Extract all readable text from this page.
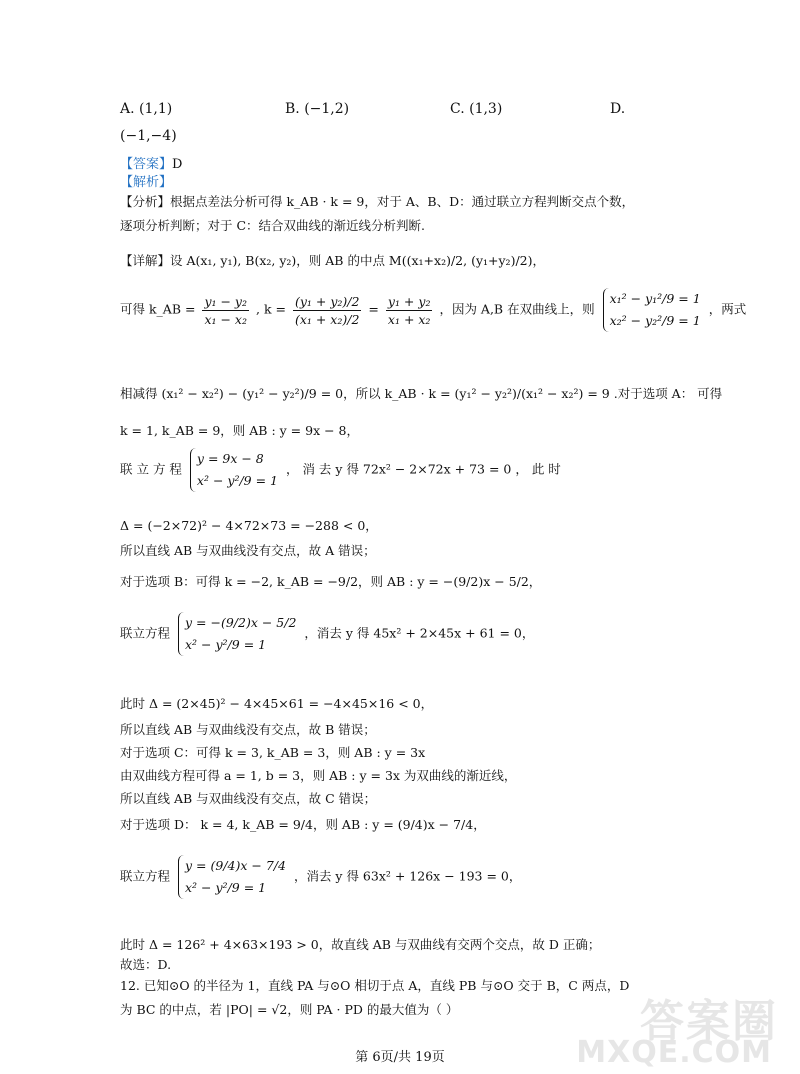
A. (1,1)	B. (−1,2)	C. (1,3)	D.
(−1,−4)
【答案】D
【解析】
【分析】根据点差法分析可得 k_AB · k = 9，对于 A、B、D：通过联立方程判断交点个数，
逐项分析判断；对于 C：结合双曲线的渐近线分析判断.
【详解】设 A(x₁, y₁), B(x₂, y₂)，则 AB 的中点 M((x₁+x₂)/2, (y₁+y₂)/2)，
可得 k_AB = $\frac{\text{y₁ − y₂}}{\text{x₁ − x₂}}$ , $k = \frac{\text{(y₁ + y₂)/2}}{\text{(x₁ + x₂)/2}} = \frac{\text{y₁ + y₂}}{\text{x₁ + x₂}}$ ，因为 A,B 在双曲线上，则
x₁² − y₁²/9 = 1
x₂² − y₂²/9 = 1
，两式
相减得 (x₁² − x₂²) − (y₁² − y₂²)/9 = 0，所以 k_AB · k = (y₁² − y₂²)/(x₁² − x₂²) = 9 .对于选项 A： 可得
k = 1, k_AB = 9，则 AB : y = 9x − 8，
联 立 方 程
y = 9x − 8
x² − y²/9 = 1
， 消 去 y 得 72x² − 2×72x + 73 = 0 ， 此 时
Δ = (−2×72)² − 4×72×73 = −288 < 0，
所以直线 AB 与双曲线没有交点，故 A 错误；
对于选项 B：可得 k = −2, k_AB = −9/2，则 AB : y = −(9/2)x − 5/2，
联立方程
y = −(9/2)x − 5/2
x² − y²/9 = 1
，消去 y 得 45x² + 2×45x + 61 = 0，
此时 Δ = (2×45)² − 4×45×61 = −4×45×16 < 0，
所以直线 AB 与双曲线没有交点，故 B 错误；
对于选项 C：可得 k = 3, k_AB = 3，则 AB : y = 3x
由双曲线方程可得 a = 1, b = 3，则 AB : y = 3x 为双曲线的渐近线，
所以直线 AB 与双曲线没有交点，故 C 错误；
对于选项 D： k = 4, k_AB = 9/4，则 AB : y = (9/4)x − 7/4，
联立方程
y = (9/4)x − 7/4
x² − y²/9 = 1
，消去 y 得 63x² + 126x − 193 = 0，
此时 Δ = 126² + 4×63×193 > 0，故直线 AB 与双曲线有交两个交点，故 D 正确；
故选：D.
12. 已知⊙O 的半径为 1，直线 PA 与⊙O 相切于点 A，直线 PB 与⊙O 交于 B，C 两点，D
为 BC 的中点，若 |PO| = √2，则 PA · PD 的最大值为（ ）	答案圈
MXQE.COM
第 6页/共 19页
